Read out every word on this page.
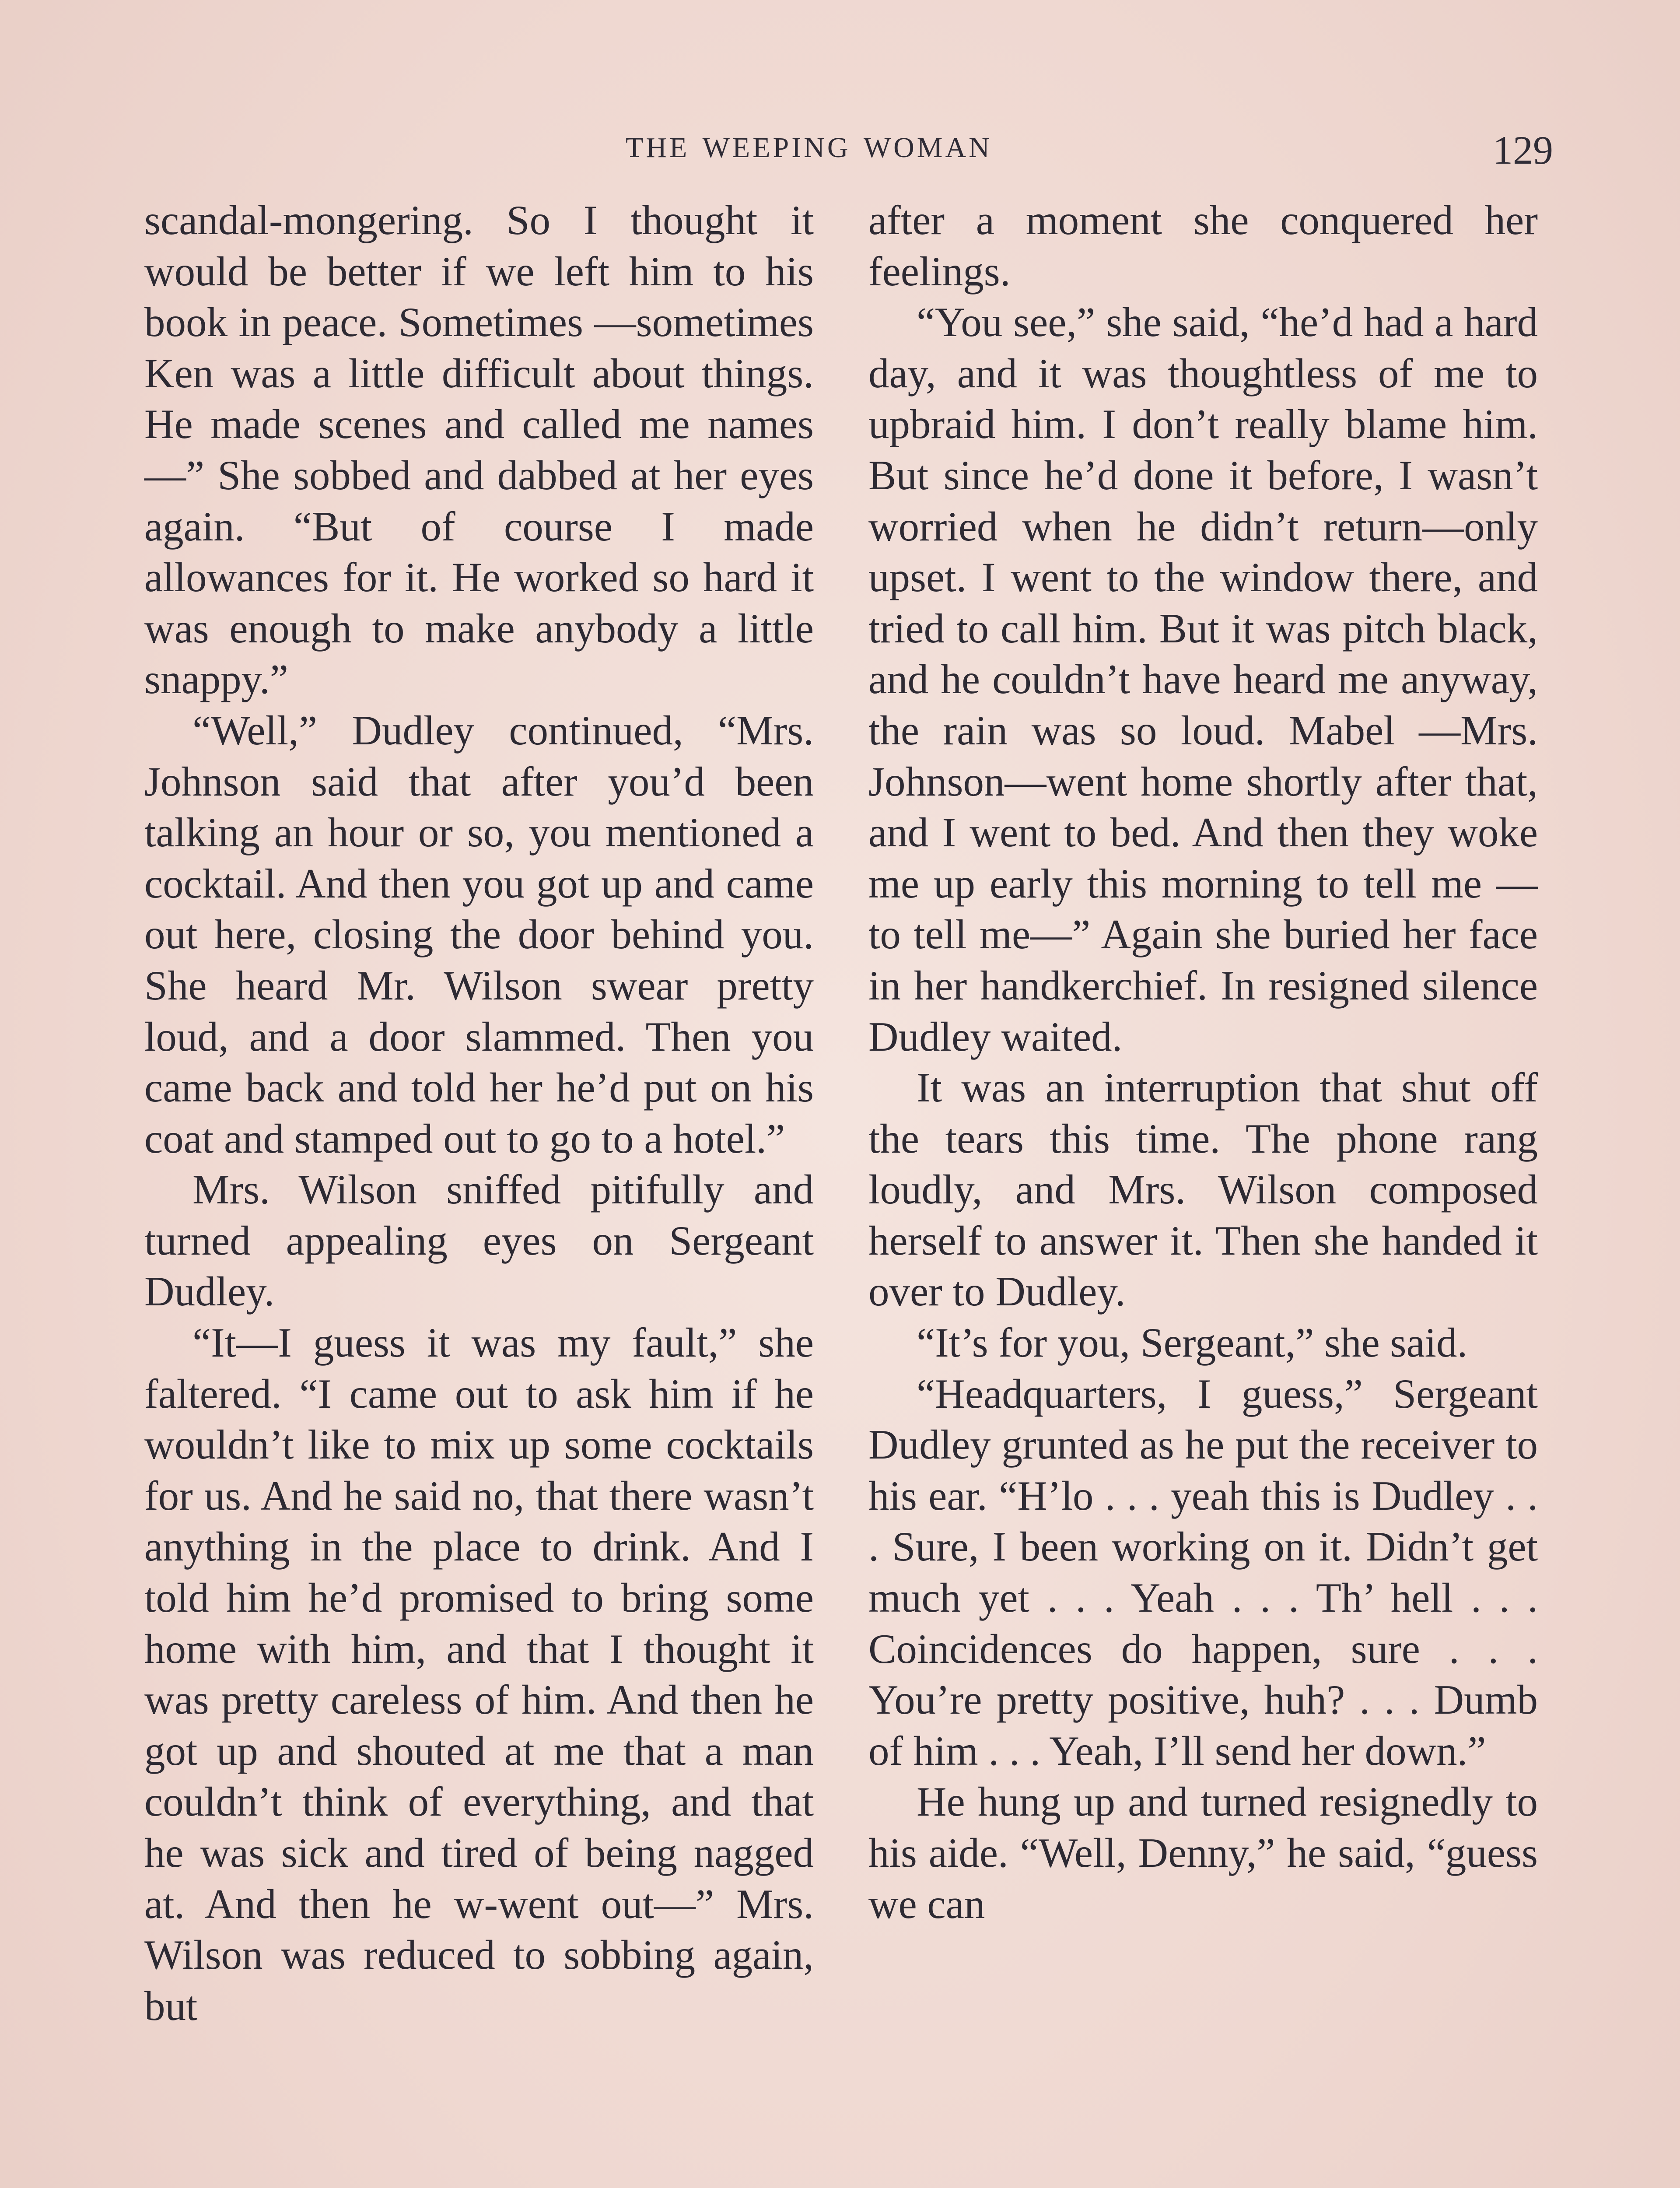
THE WEEPING WOMAN	129

scandal-mongering. So I thought it would be better if we left him to his book in peace. Sometimes —sometimes Ken was a little difficult about things. He made scenes and called me names—” She sobbed and dabbed at her eyes again. “But of course I made allowances for it. He worked so hard it was enough to make anybody a little snappy.”

“Well,” Dudley continued, “Mrs. Johnson said that after you’d been talking an hour or so, you mentioned a cocktail. And then you got up and came out here, closing the door behind you. She heard Mr. Wilson swear pretty loud, and a door slammed. Then you came back and told her he’d put on his coat and stamped out to go to a hotel.”

Mrs. Wilson sniffed pitifully and turned appealing eyes on Sergeant Dudley.

“It—I guess it was my fault,” she faltered. “I came out to ask him if he wouldn’t like to mix up some cocktails for us. And he said no, that there wasn’t anything in the place to drink. And I told him he’d promised to bring some home with him, and that I thought it was pretty careless of him. And then he got up and shouted at me that a man couldn’t think of everything, and that he was sick and tired of being nagged at. And then he w-went out—” Mrs. Wilson was reduced to sobbing again, but

after a moment she conquered her feelings.

“You see,” she said, “he’d had a hard day, and it was thoughtless of me to upbraid him. I don’t really blame him. But since he’d done it before, I wasn’t worried when he didn’t return—only upset. I went to the window there, and tried to call him. But it was pitch black, and he couldn’t have heard me anyway, the rain was so loud. Mabel —Mrs. Johnson—went home shortly after that, and I went to bed. And then they woke me up early this morning to tell me —to tell me—” Again she buried her face in her handkerchief. In resigned silence Dudley waited.

It was an interruption that shut off the tears this time. The phone rang loudly, and Mrs. Wilson composed herself to answer it. Then she handed it over to Dudley.

“It’s for you, Sergeant,” she said.

“Headquarters, I guess,” Sergeant Dudley grunted as he put the receiver to his ear. “H’lo . . . yeah this is Dudley . . . Sure, I been working on it. Didn’t get much yet . . . Yeah . . . Th’ hell . . . Coincidences do happen, sure . . . You’re pretty positive, huh? . . . Dumb of him . . . Yeah, I’ll send her down.”

He hung up and turned resignedly to his aide. “Well, Denny,” he said, “guess we can
